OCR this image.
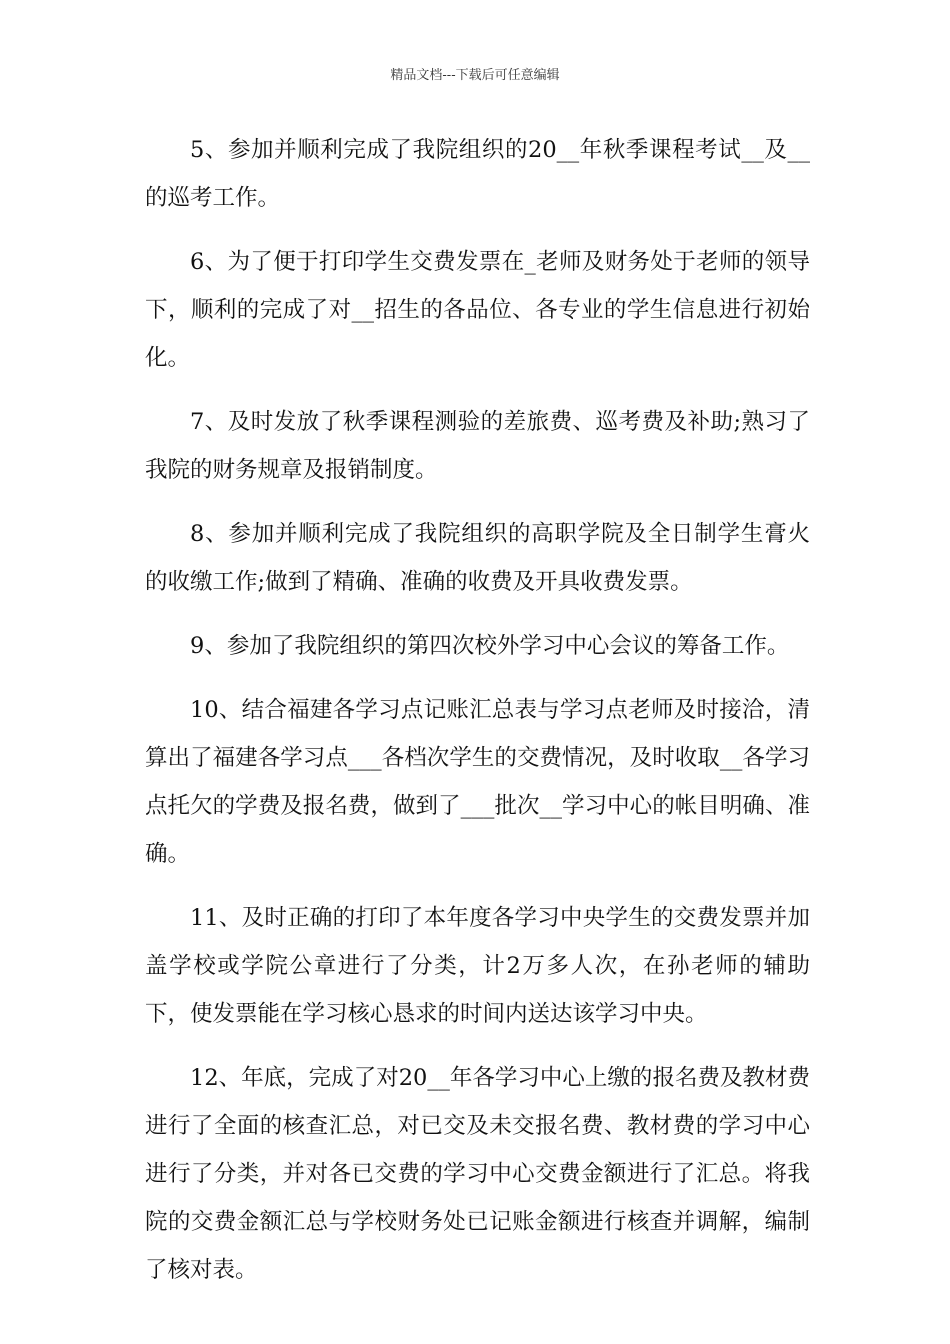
精品文档---下载后可任意编辑

5、参加并顺利完成了我院组织的20__年秋季课程考试__及__的巡考工作。

6、为了便于打印学生交费发票在_老师及财务处于老师的领导下，顺利的完成了对__招生的各品位、各专业的学生信息进行初始化。

7、及时发放了秋季课程测验的差旅费、巡考费及补助;熟习了我院的财务规章及报销制度。

8、参加并顺利完成了我院组织的高职学院及全日制学生膏火的收缴工作;做到了精确、准确的收费及开具收费发票。

9、参加了我院组织的第四次校外学习中心会议的筹备工作。

10、结合福建各学习点记账汇总表与学习点老师及时接洽，清算出了福建各学习点___各档次学生的交费情况，及时收取__各学习点托欠的学费及报名费，做到了___批次__学习中心的帐目明确、准确。

11、及时正确的打印了本年度各学习中央学生的交费发票并加盖学校或学院公章进行了分类，计2万多人次，在孙老师的辅助下，使发票能在学习核心恳求的时间内送达该学习中央。

12、年底，完成了对20__年各学习中心上缴的报名费及教材费进行了全面的核查汇总，对已交及未交报名费、教材费的学习中心进行了分类，并对各已交费的学习中心交费金额进行了汇总。将我院的交费金额汇总与学校财务处已记账金额进行核查并调解，编制了核对表。
